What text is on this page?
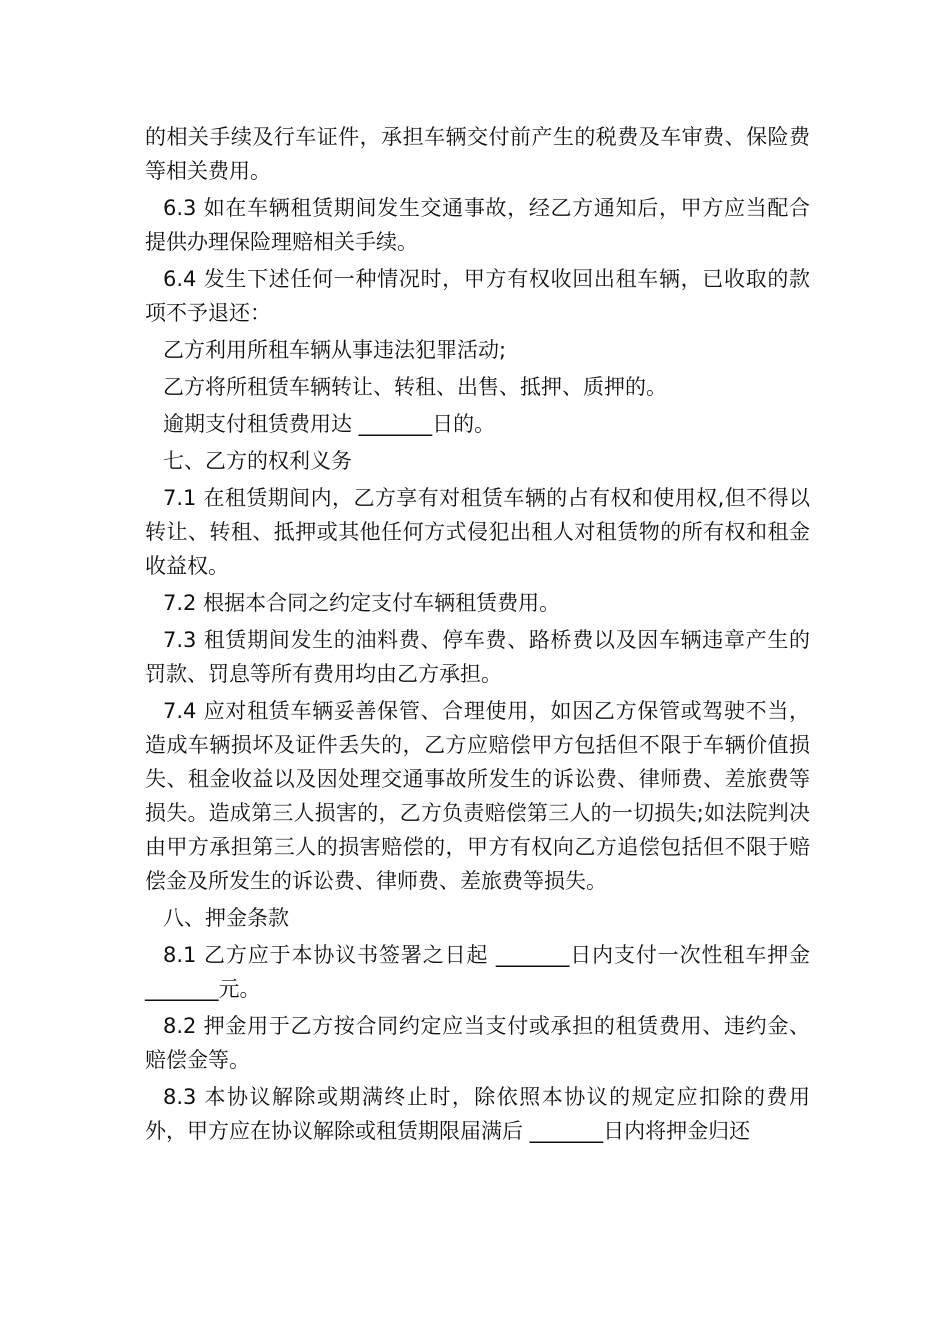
的相关手续及行车证件，承担车辆交付前产生的税费及车审费、保险费等相关费用。

6.3 如在车辆租赁期间发生交通事故，经乙方通知后，甲方应当配合提供办理保险理赔相关手续。

6.4 发生下述任何一种情况时，甲方有权收回出租车辆，已收取的款项不予退还：

乙方利用所租车辆从事违法犯罪活动;

乙方将所租赁车辆转让、转租、出售、抵押、质押的。

逾期支付租赁费用达 _______日的。

七、乙方的权利义务

7.1 在租赁期间内，乙方享有对租赁车辆的占有权和使用权,但不得以转让、转租、抵押或其他任何方式侵犯出租人对租赁物的所有权和租金收益权。

7.2 根据本合同之约定支付车辆租赁费用。

7.3 租赁期间发生的油料费、停车费、路桥费以及因车辆违章产生的罚款、罚息等所有费用均由乙方承担。

7.4 应对租赁车辆妥善保管、合理使用，如因乙方保管或驾驶不当，造成车辆损坏及证件丢失的，乙方应赔偿甲方包括但不限于车辆价值损失、租金收益以及因处理交通事故所发生的诉讼费、律师费、差旅费等损失。造成第三人损害的，乙方负责赔偿第三人的一切损失;如法院判决由甲方承担第三人的损害赔偿的，甲方有权向乙方追偿包括但不限于赔偿金及所发生的诉讼费、律师费、差旅费等损失。

八、押金条款

8.1 乙方应于本协议书签署之日起 _______日内支付一次性租车押金 _______元。

8.2 押金用于乙方按合同约定应当支付或承担的租赁费用、违约金、赔偿金等。

8.3 本协议解除或期满终止时，除依照本协议的规定应扣除的费用外，甲方应在协议解除或租赁期限届满后 _______日内将押金归还
